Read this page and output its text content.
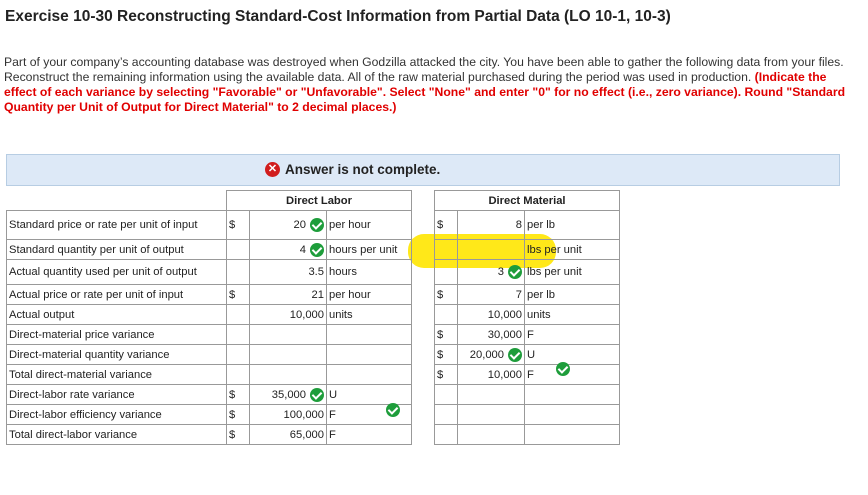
Exercise 10-30 Reconstructing Standard-Cost Information from Partial Data (LO 10-1, 10-3)
Part of your company’s accounting database was destroyed when Godzilla attacked the city. You have been able to gather the following data from your files. Reconstruct the remaining information using the available data. All of the raw material purchased during the period was used in production. (Indicate the effect of each variance by selecting "Favorable" or "Unfavorable". Select "None" and enter "0" for no effect (i.e., zero variance). Round "Standard Quantity per Unit of Output for Direct Material" to 2 decimal places.)
✕ Answer is not complete.
	Direct Labor				Direct Material		
Standard price or rate per unit of input	$	20	per hour		$	8	per lb
Standard quantity per unit of output		4	hours per unit				lbs per unit
Actual quantity used per unit of output		3.5	hours			3	lbs per unit
Actual price or rate per unit of input	$	21	per hour		$	7	per lb
Actual output		10,000	units			10,000	units
Direct-material price variance					$	30,000	F
Direct-material quantity variance					$	20,000	U
Total direct-material variance					$	10,000	F
Direct-labor rate variance	$	35,000	U				
Direct-labor efficiency variance	$	100,000	F				
Total direct-labor variance	$	65,000	F				
